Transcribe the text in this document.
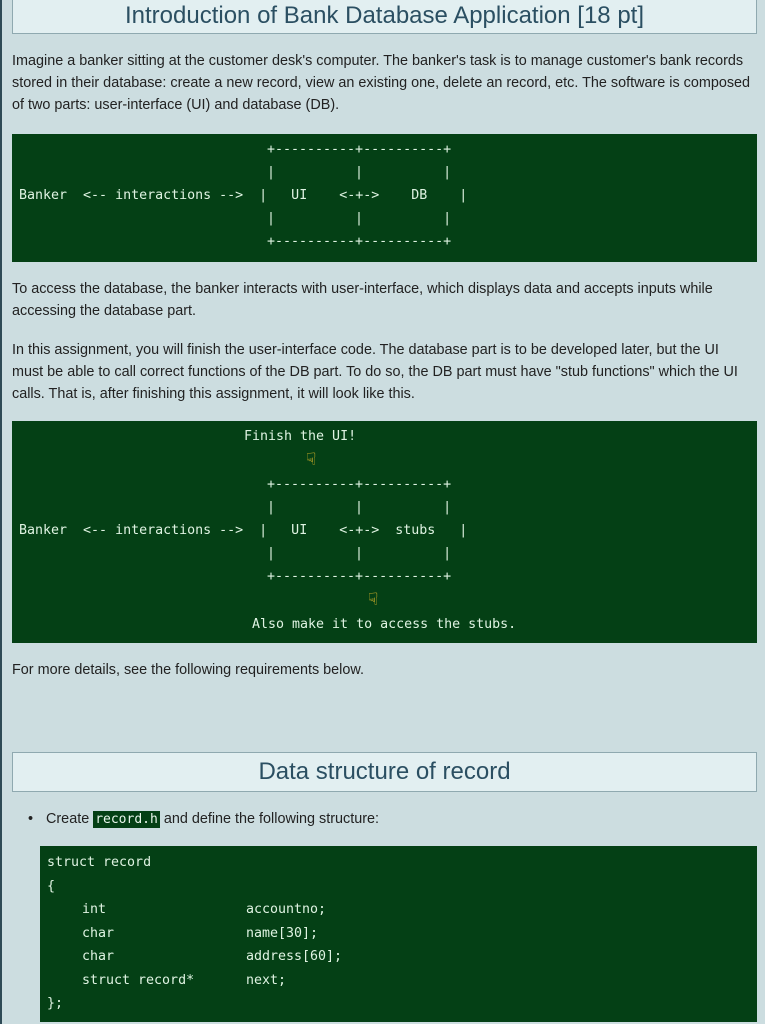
Introduction of Bank Database Application [18 pt]
Imagine a banker sitting at the customer desk's computer. The banker's task is to manage customer's bank records stored in their database: create a new record, view an existing one, delete an record, etc. The software is composed of two parts: user-interface (UI) and database (DB).

+----------+----------+

|          |          |

Banker  <-- interactions -->  |   UI    <-+->    DB    |

|          |          |

+----------+----------+

To access the database, the banker interacts with user-interface, which displays data and accepts inputs while accessing the database part.
In this assignment, you will finish the user-interface code. The database part is to be developed later, but the UI must be able to call correct functions of the DB part. To do so, the DB part must have "stub functions" which the UI calls. That is, after finishing this assignment, it will look like this.

Finish the UI!

☟

+----------+----------+

|          |          |

Banker  <-- interactions -->  |   UI    <-+->  stubs   |

|          |          |

+----------+----------+

☟

Also make it to access the stubs.

For more details, see the following requirements below.
Data structure of record
• Create record.h and define the following structure:
struct record
{
int	accountno;
char	name[30];
char	address[60];
struct record*	next;
};
